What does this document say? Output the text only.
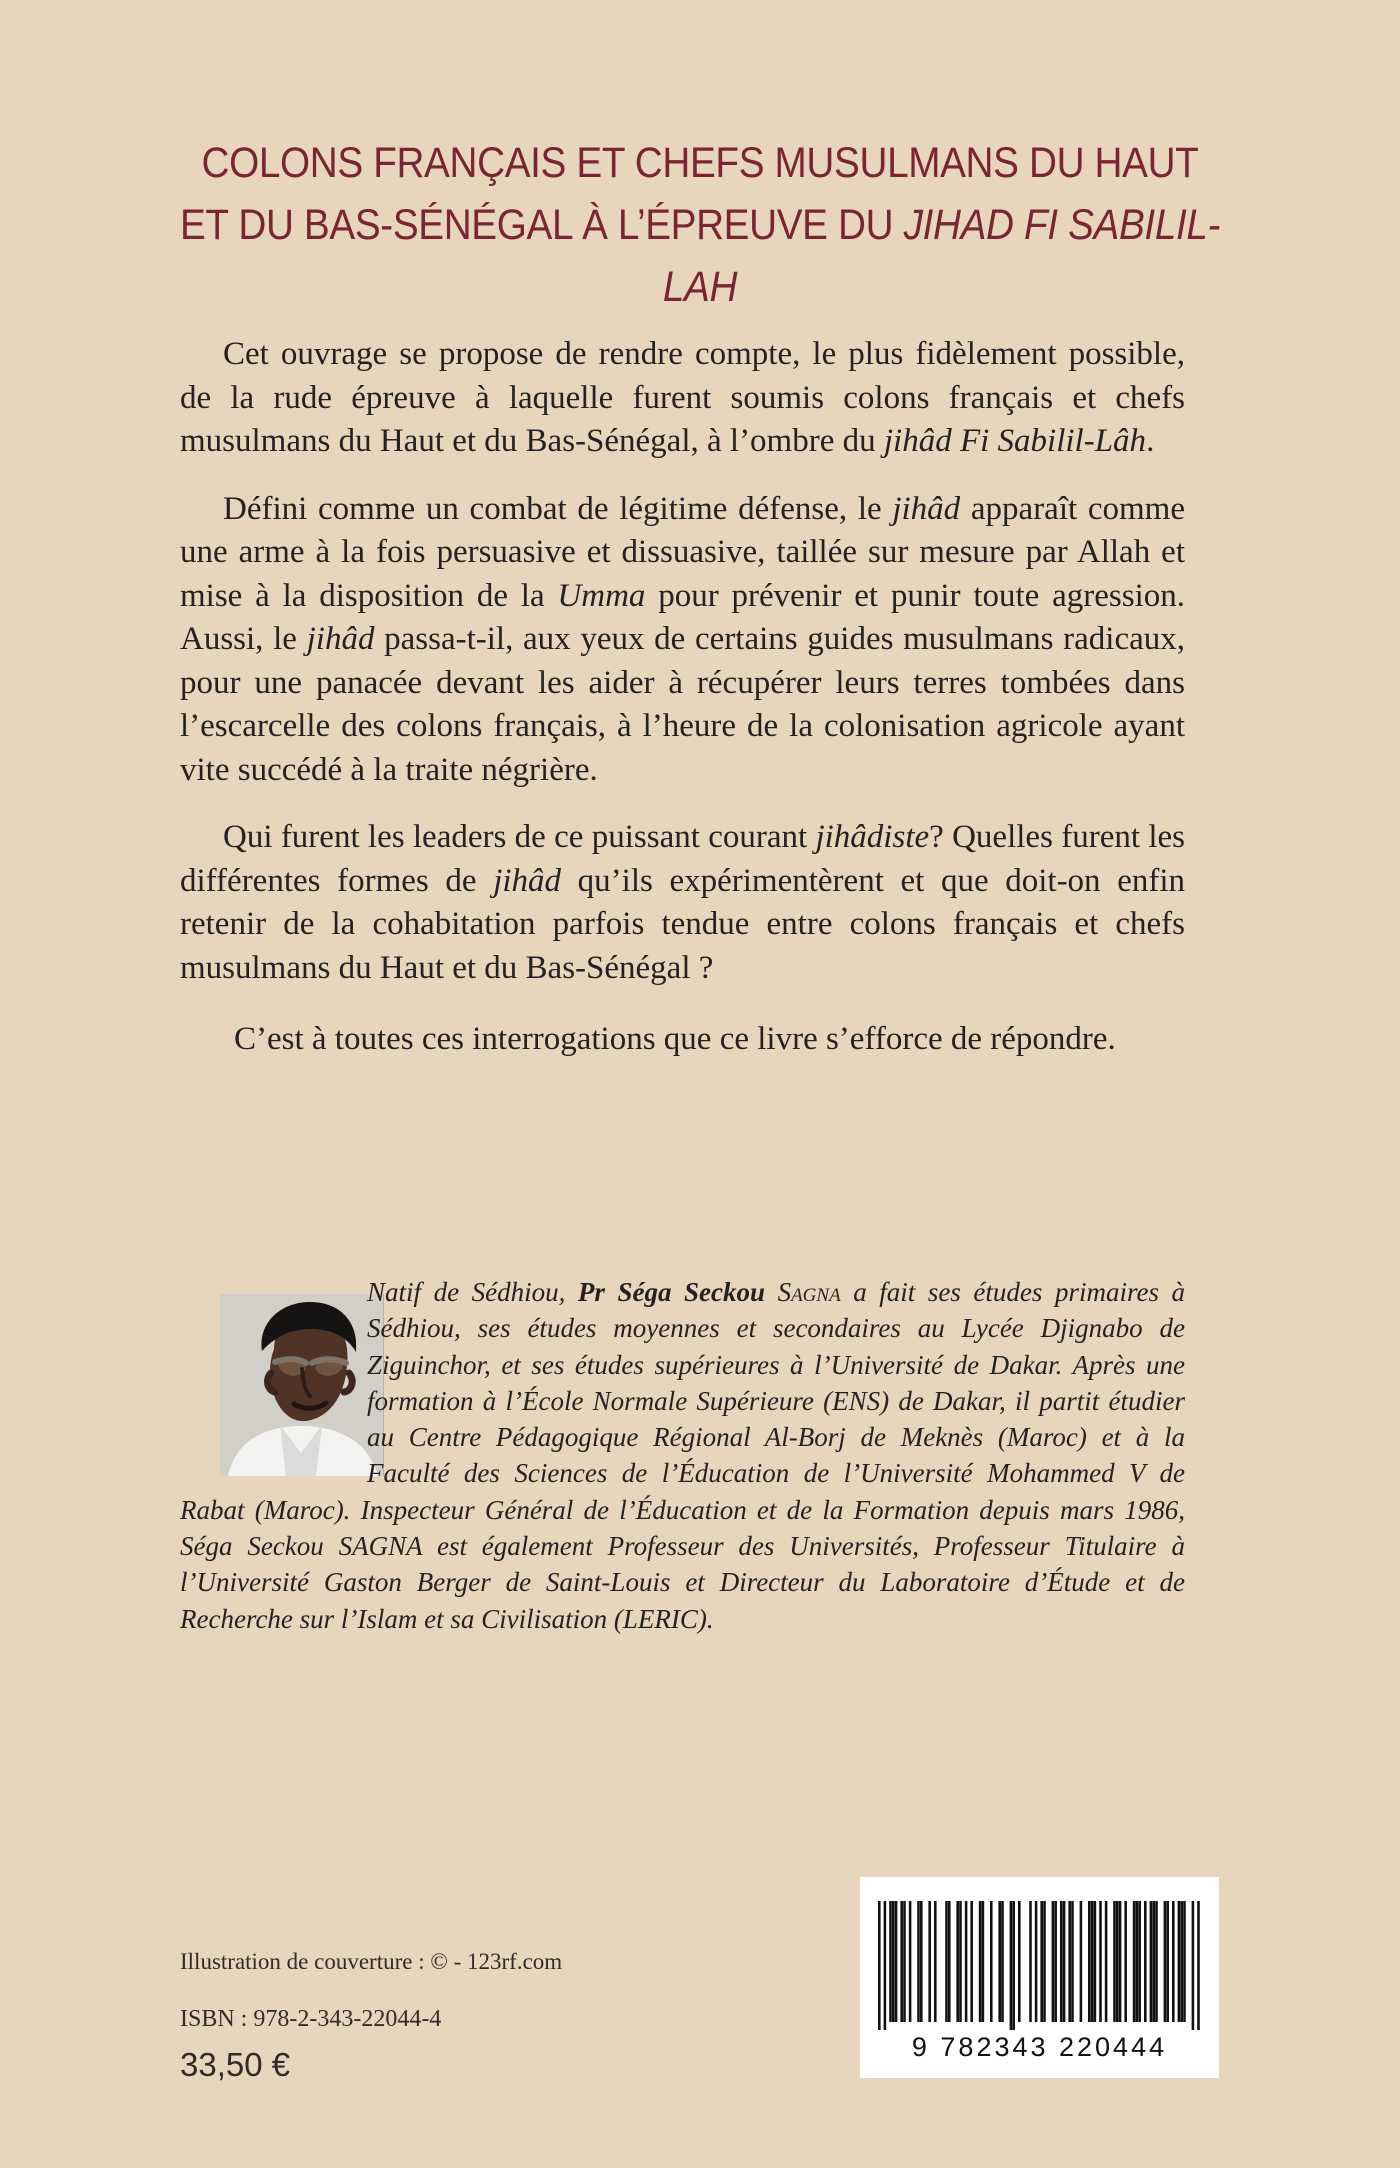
COLONS FRANÇAIS ET CHEFS MUSULMANS DU HAUT
ET DU BAS-SÉNÉGAL À L’ÉPREUVE DU JIHAD FI SABILIL-LAH

Cet ouvrage se propose de rendre compte, le plus fidèlement possible, de la rude épreuve à laquelle furent soumis colons français et chefs musulmans du Haut et du Bas-Sénégal, à l’ombre du jihâd Fi Sabilil-Lâh.

Défini comme un combat de légitime défense, le jihâd apparaît comme une arme à la fois persuasive et dissuasive, taillée sur mesure par Allah et mise à la disposition de la Umma pour prévenir et punir toute agression. Aussi, le jihâd passa-t-il, aux yeux de certains guides musulmans radicaux, pour une panacée devant les aider à récupérer leurs terres tombées dans l’escarcelle des colons français, à l’heure de la colonisation agricole ayant vite succédé à la traite négrière.

Qui furent les leaders de ce puissant courant jihâdiste? Quelles furent les différentes formes de jihâd qu’ils expérimentèrent et que doit-on enfin retenir de la cohabitation parfois tendue entre colons français et chefs musulmans du Haut et du Bas-Sénégal ?

C’est à toutes ces interrogations que ce livre s’efforce de répondre.

Natif de Sédhiou, Pr Séga Seckou Sagna a fait ses études primaires à Sédhiou, ses études moyennes et secondaires au Lycée Djignabo de Ziguinchor, et ses études supérieures à l’Université de Dakar. Après une formation à l’École Normale Supérieure (ENS) de Dakar, il partit étudier au Centre Pédagogique Régional Al-Borj de Meknès (Maroc) et à la Faculté des Sciences de l’Éducation de l’Université Mohammed V de Rabat (Maroc). Inspecteur Général de l’Éducation et de la Formation depuis mars 1986, Séga Seckou SAGNA est également Professeur des Universités, Professeur Titulaire à l’Université Gaston Berger de Saint-Louis et Directeur du Laboratoire d’Étude et de Recherche sur l’Islam et sa Civilisation (LERIC).

Illustration de couverture : © - 123rf.com

ISBN : 978-2-343-22044-4

33,50 €	9 782343 220444
